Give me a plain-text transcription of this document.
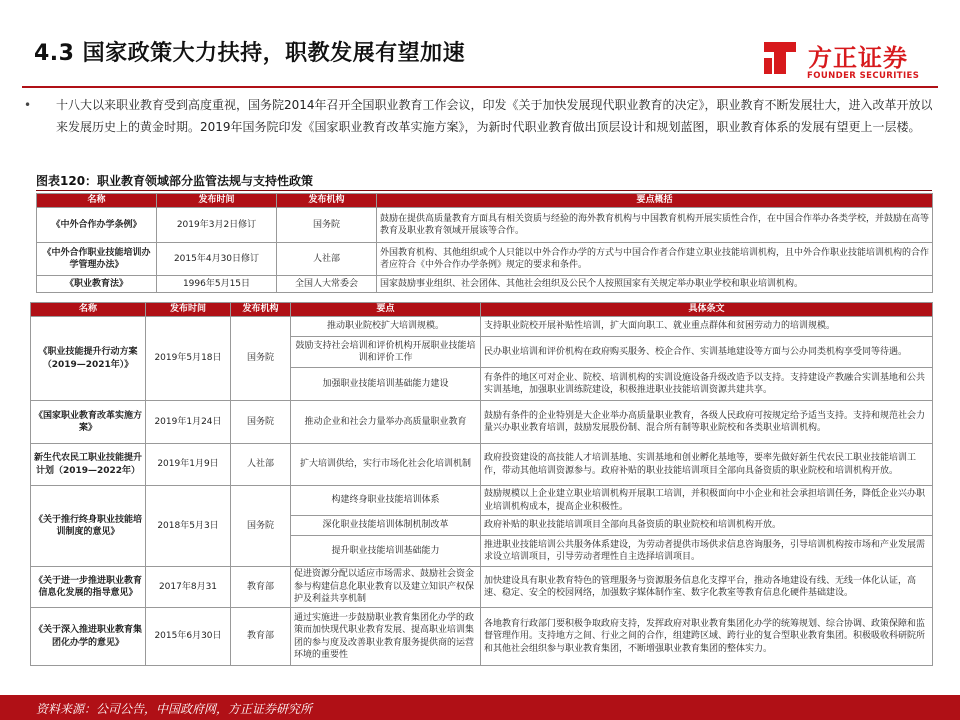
4.3 国家政策大力扶持，职教发展有望加速	方正证券
FOUNDER SECURITIES
•	十八大以来职业教育受到高度重视，国务院2014年召开全国职业教育工作会议，印发《关于加快发展现代职业教育的决定》，职业教育不断发展壮大，进入改革开放以来发展历史上的黄金时期。2019年国务院印发《国家职业教育改革实施方案》，为新时代职业教育做出顶层设计和规划蓝图，职业教育体系的发展有望更上一层楼。
图表120：职业教育领域部分监管法规与支持性政策
名称	发布时间	发布机构	要点概括
《中外合作办学条例》	2019年3月2日修订	国务院	鼓励在提供高质量教育方面具有相关资质与经验的海外教育机构与中国教育机构开展实质性合作，在中国合作举办各类学校，并鼓励在高等教育及职业教育领域开展该等合作。
《中外合作职业技能培训办学管理办法》	2015年4月30日修订	人社部	外国教育机构、其他组织或个人只能以中外合作办学的方式与中国合作者合作建立职业技能培训机构，且中外合作职业技能培训机构的合作者应符合《中外合作办学条例》规定的要求和条件。
《职业教育法》	1996年5月15日	全国人大常委会	国家鼓励事业组织、社会团体、其他社会组织及公民个人按照国家有关规定举办职业学校和职业培训机构。
名称	发布时间	发布机构	要点	具体条文
《职业技能提升行动方案（2019—2021年）》	2019年5月18日	国务院	推动职业院校扩大培训规模。	支持职业院校开展补贴性培训，扩大面向职工、就业重点群体和贫困劳动力的培训规模。
			鼓励支持社会培训和评价机构开展职业技能培训和评价工作	民办职业培训和评价机构在政府购买服务、校企合作、实训基地建设等方面与公办同类机构享受同等待遇。
			加强职业技能培训基础能力建设	有条件的地区可对企业、院校、培训机构的实训设施设备升级改造予以支持。支持建设产教融合实训基地和公共实训基地，加强职业训练院建设，积极推进职业技能培训资源共建共享。
《国家职业教育改革实施方案》	2019年1月24日	国务院	推动企业和社会力量举办高质量职业教育	鼓励有条件的企业特别是大企业举办高质量职业教育，各级人民政府可按规定给予适当支持。支持和规范社会力量兴办职业教育培训，鼓励发展股份制、混合所有制等职业院校和各类职业培训机构。
新生代农民工职业技能提升计划（2019—2022年）	2019年1月9日	人社部	扩大培训供给，实行市场化社会化培训机制	政府投资建设的高技能人才培训基地、实训基地和创业孵化基地等，要率先做好新生代农民工职业技能培训工作，带动其他培训资源参与。政府补贴的职业技能培训项目全部向具备资质的职业院校和培训机构开放。
《关于推行终身职业技能培训制度的意见》	2018年5月3日	国务院	构建终身职业技能培训体系	鼓励规模以上企业建立职业培训机构开展职工培训，并积极面向中小企业和社会承担培训任务，降低企业兴办职业培训机构成本，提高企业积极性。
			深化职业技能培训体制机制改革	政府补贴的职业技能培训项目全部向具备资质的职业院校和培训机构开放。
			提升职业技能培训基础能力	推进职业技能培训公共服务体系建设，为劳动者提供市场供求信息咨询服务，引导培训机构按市场和产业发展需求设立培训项目，引导劳动者理性自主选择培训项目。
《关于进一步推进职业教育信息化发展的指导意见》	2017年8月31	教育部	促进资源分配以适应市场需求、鼓励社会资金参与构建信息化职业教育以及建立知识产权保护及利益共享机制	加快建设具有职业教育特色的管理服务与资源服务信息化支撑平台，推动各地建设有线、无线一体化认证，高速、稳定、安全的校园网络，加强数字媒体制作室、数字化教室等教育信息化硬件基础建设。
《关于深入推进职业教育集团化办学的意见》	2015年6月30日	教育部	通过实施进一步鼓励职业教育集团化办学的政策而加快现代职业教育发展、提高职业培训集团的参与度及改善职业教育服务提供商的运营环境的重要性	各地教育行政部门要积极争取政府支持，发挥政府对职业教育集团化办学的统筹规划、综合协调、政策保障和监督管理作用。支持地方之间、行业之间的合作，组建跨区域、跨行业的复合型职业教育集团。积极吸收科研院所和其他社会组织参与职业教育集团，不断增强职业教育集团的整体实力。
资料来源：公司公告，中国政府网，方正证券研究所
